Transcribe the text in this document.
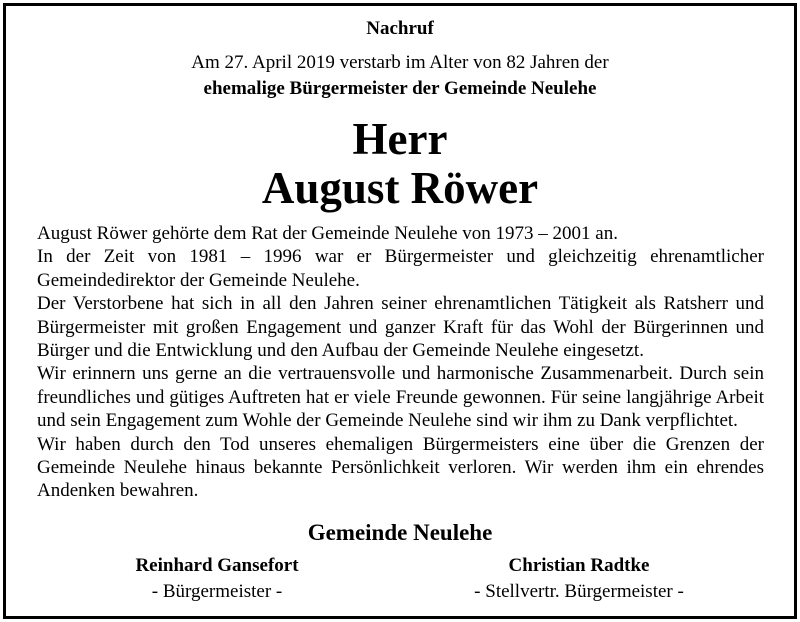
Nachruf
Am 27. April 2019 verstarb im Alter von 82 Jahren der
ehemalige Bürgermeister der Gemeinde Neulehe
Herr
August Röwer

August Röwer gehörte dem Rat der Gemeinde Neulehe von 1973 – 2001 an.

In der Zeit von 1981 – 1996 war er Bürgermeister und gleichzeitig ehrenamtlicher Gemeindedirektor der Gemeinde Neulehe.

Der Verstorbene hat sich in all den Jahren seiner ehrenamtlichen Tätigkeit als Ratsherr und Bürgermeister mit großen Engagement und ganzer Kraft für das Wohl der Bürgerinnen und Bürger und die Entwicklung und den Aufbau der Gemeinde Neulehe eingesetzt.

Wir erinnern uns gerne an die vertrauensvolle und harmonische Zusammenarbeit. Durch sein freundliches und gütiges Auftreten hat er viele Freunde gewonnen. Für seine langjährige Arbeit und sein Engagement zum Wohle der Gemeinde Neulehe sind wir ihm zu Dank verpflichtet.

Wir haben durch den Tod unseres ehemaligen Bürgermeisters eine über die Grenzen der Gemeinde Neulehe hinaus bekannte Persönlichkeit verloren. Wir werden ihm ein ehrendes Andenken bewahren.

Gemeinde Neulehe
Reinhard Gansefort
- Bürgermeister -
Christian Radtke
- Stellvertr. Bürgermeister -
